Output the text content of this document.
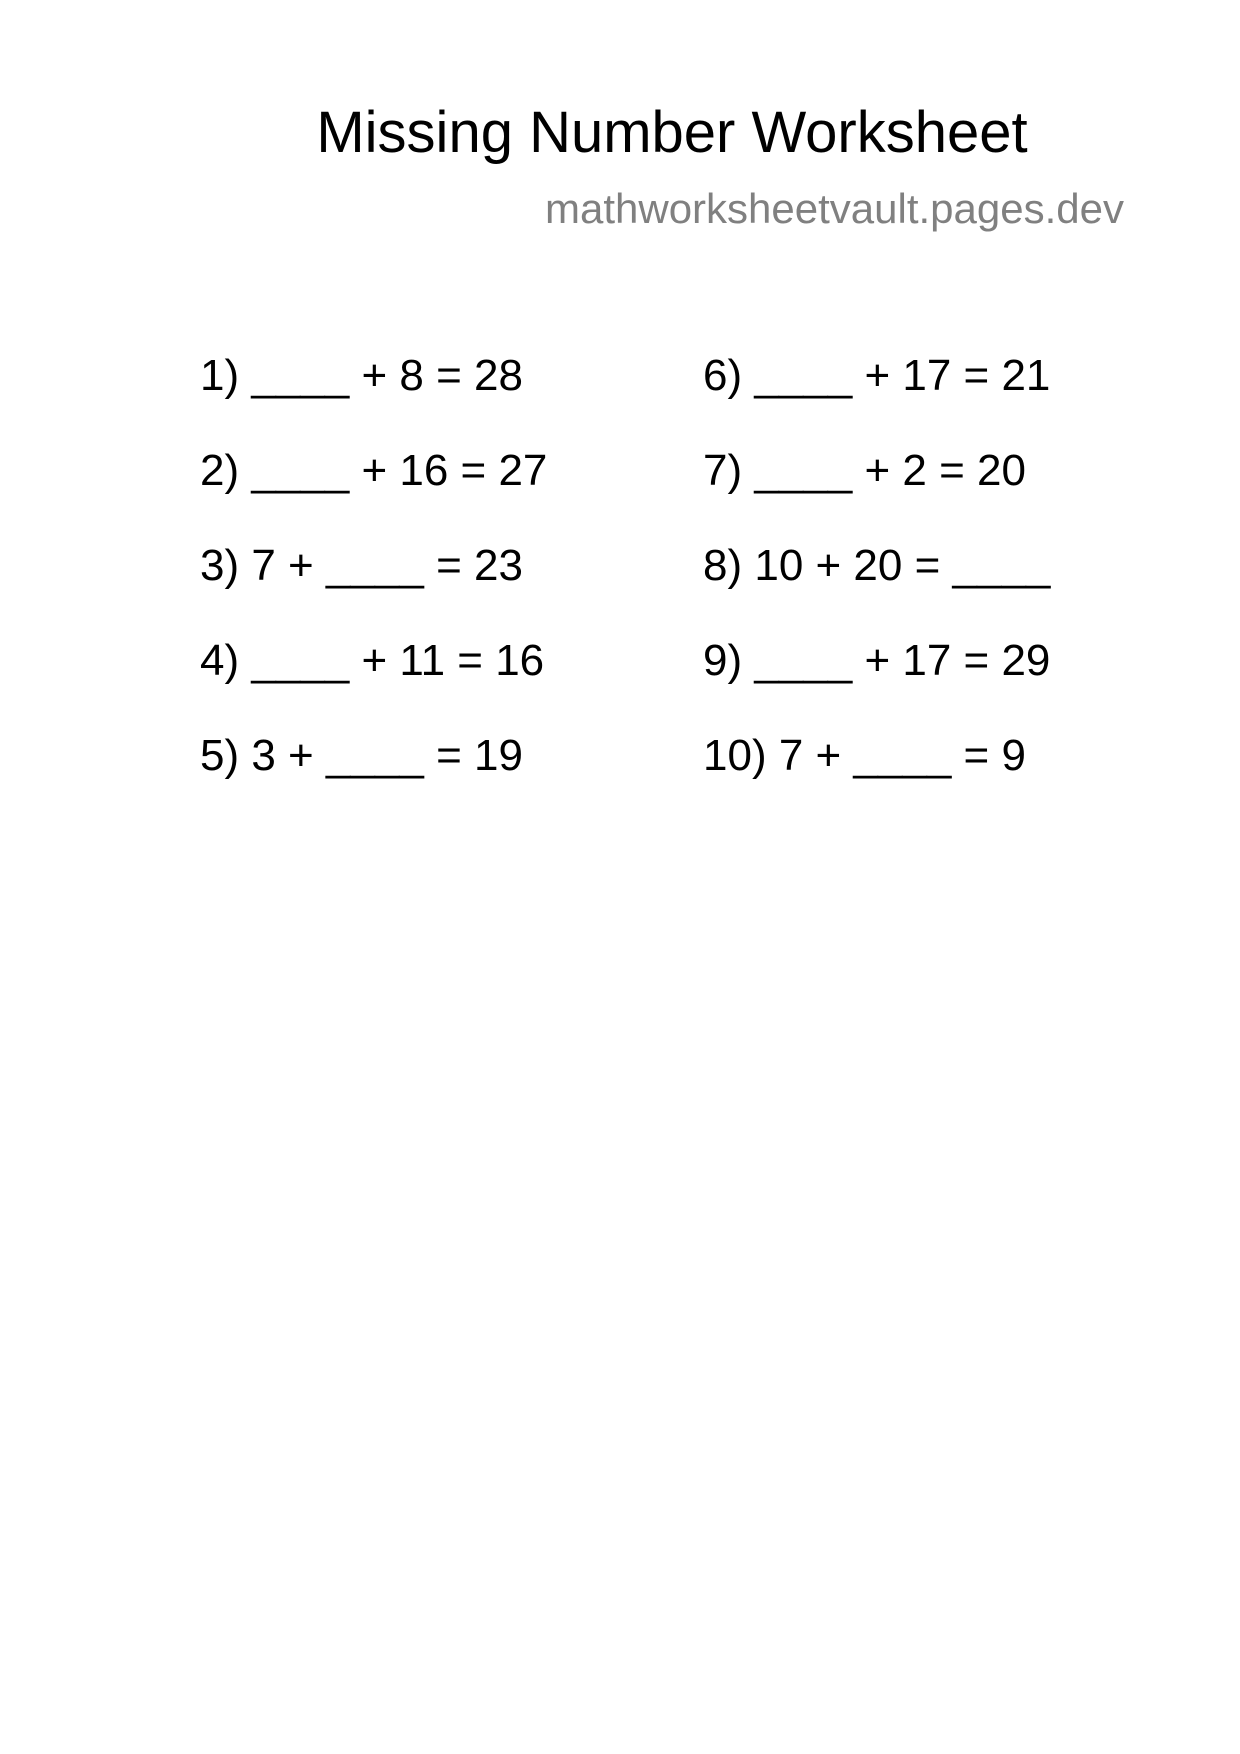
Missing Number Worksheet
mathworksheetvault.pages.dev
1) ____ + 8 = 28
2) ____ + 16 = 27
3) 7 + ____ = 23
4) ____ + 11 = 16
5) 3 + ____ = 19
6) ____ + 17 = 21
7) ____ + 2 = 20
8) 10 + 20 = ____
9) ____ + 17 = 29
10) 7 + ____ = 9
